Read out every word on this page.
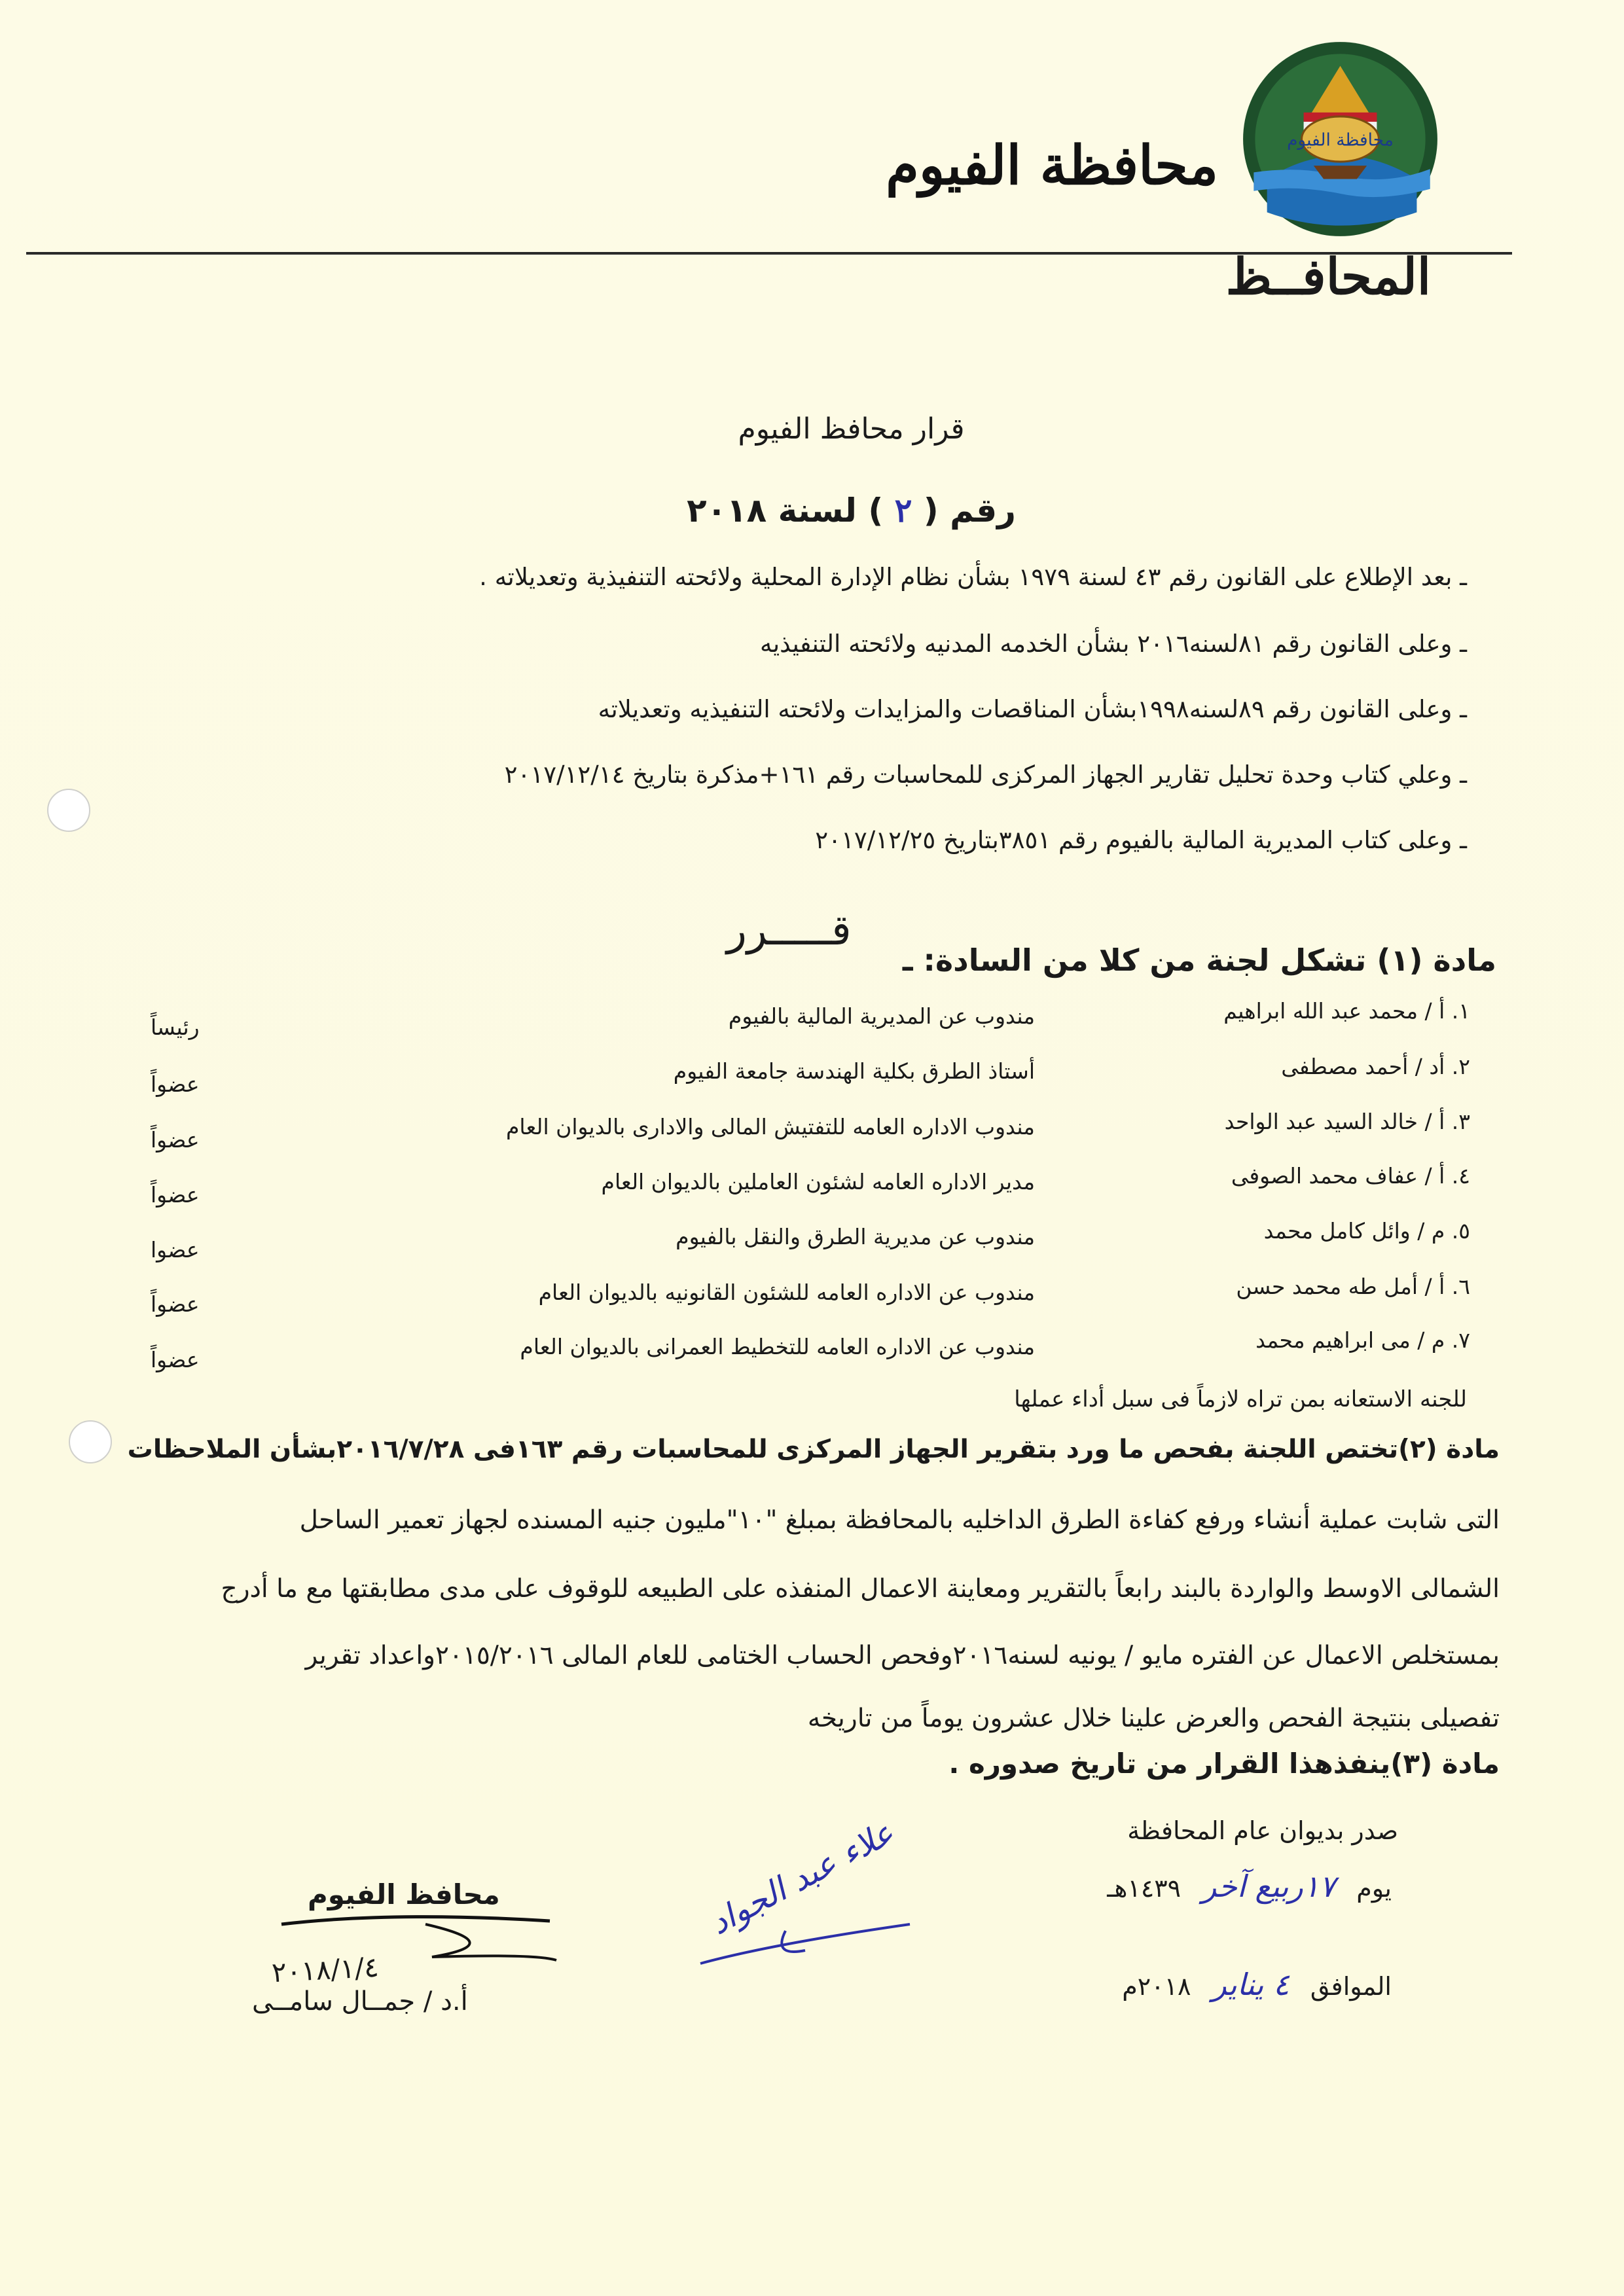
محافظة الفيوم
محافظة الفيوم
المحافــظ
قرار محافظ الفيوم
رقم ( ٢ ) لسنة ٢٠١٨
ـ بعد الإطلاع على القانون رقم ٤٣ لسنة ١٩٧٩ بشأن نظام الإدارة المحلية ولائحته التنفيذية وتعديلاته .
ـ وعلى القانون رقم ٨١لسنه٢٠١٦ بشأن الخدمه المدنيه ولائحته التنفيذيه
ـ وعلى القانون رقم ٨٩لسنه١٩٩٨بشأن المناقصات والمزايدات ولائحته التنفيذيه وتعديلاته
ـ وعلي كتاب وحدة تحليل تقارير الجهاز المركزى للمحاسبات رقم ١٦١+مذكرة بتاريخ ٢٠١٧/١٢/١٤
ـ وعلى كتاب المديرية المالية بالفيوم رقم ٣٨٥١بتاريخ ٢٠١٧/١٢/٢٥
قـــــرر
مادة (١) تشكل لجنة من كلا من السادة: ـ
١. أ / محمد عبد الله ابراهيم
مندوب عن المديرية المالية بالفيوم
رئيساً
٢. أد / أحمد مصطفى
أستاذ الطرق بكلية الهندسة جامعة الفيوم
عضواً
٣. أ / خالد السيد عبد الواحد
مندوب الاداره العامه للتفتيش المالى والادارى بالديوان العام
عضواً
٤. أ / عفاف محمد الصوفى
مدير الاداره العامه لشئون العاملين بالديوان العام
عضواً
٥. م / وائل كامل محمد
مندوب عن مديرية الطرق والنقل بالفيوم
عضوا
٦. أ / أمل طه محمد حسن
مندوب عن الاداره العامه للشئون القانونيه بالديوان العام
عضواً
٧. م / مى ابراهيم محمد
مندوب عن الاداره العامه للتخطيط العمرانى بالديوان العام
عضواً
للجنه الاستعانه بمن تراه لازماً فى سبل أداء عملها
مادة (٢)تختص اللجنة بفحص ما ورد بتقرير الجهاز المركزى للمحاسبات رقم ١٦٣فى ٢٠١٦/٧/٢٨بشأن الملاحظات
التى شابت عملية أنشاء ورفع كفاءة الطرق الداخليه بالمحافظة بمبلغ "١٠"مليون جنيه المسنده لجهاز تعمير الساحل
الشمالى الاوسط والواردة بالبند رابعاً بالتقرير ومعاينة الاعمال المنفذه على الطبيعه للوقوف على مدى مطابقتها مع ما أدرج
بمستخلص الاعمال عن الفتره مايو / يونيه لسنه٢٠١٦وفحص الحساب الختامى للعام المالى ٢٠١٥/٢٠١٦واعداد تقرير
تفصيلى بنتيجة الفحص والعرض علينا خلال عشرون يوماً من تاريخه
مادة (٣)ينفذهذا القرار من تاريخ صدوره .
صدر بديوان عام المحافظة
يوم ١٧ربيع آخر ١٤٣٩هـ
الموافق ٤ يناير ٢٠١٨م
علاء عبد الجواد
محافظ الفيوم
٢٠١٨/١/٤
أ.د / جمــال سامــى
